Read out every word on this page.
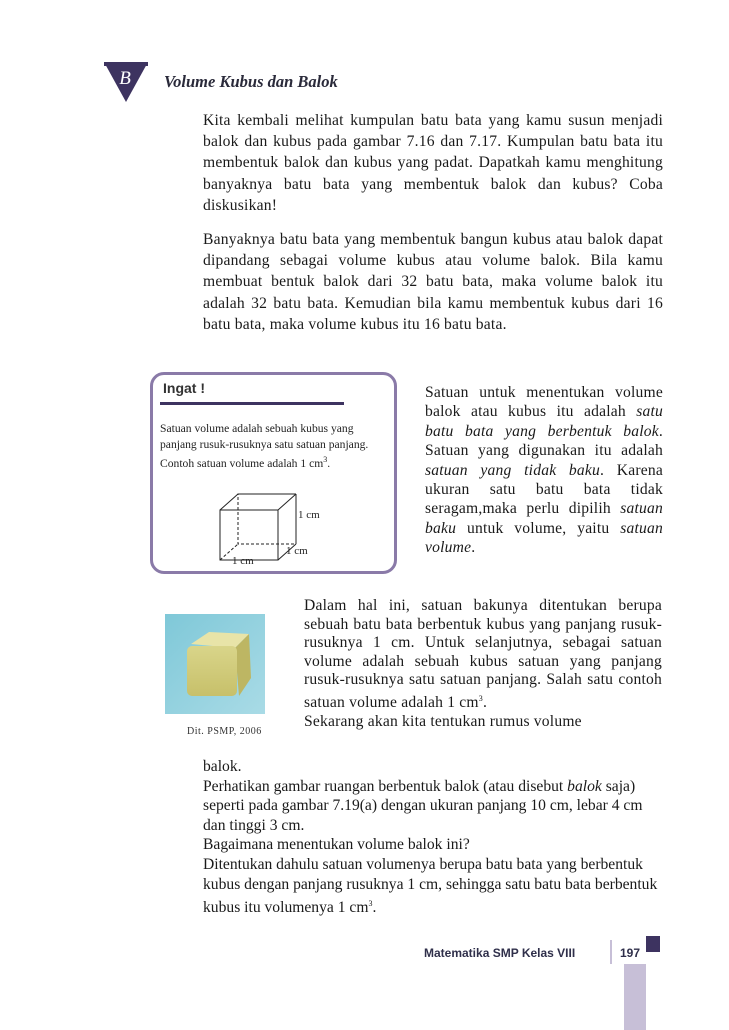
B Volume Kubus dan Balok
Kita kembali melihat kumpulan batu bata yang kamu susun menjadi balok dan kubus pada gambar 7.16 dan 7.17. Kumpulan batu bata itu membentuk balok dan kubus yang padat. Dapatkah kamu menghitung banyaknya batu bata yang membentuk balok dan kubus? Coba diskusikan!
Banyaknya batu bata yang membentuk bangun kubus atau balok dapat dipandang sebagai volume kubus atau volume balok. Bila kamu membuat bentuk balok dari 32 batu bata, maka volume balok itu adalah 32 batu bata. Kemudian bila kamu membentuk kubus dari 16 batu bata, maka volume kubus itu 16 batu bata.
Ingat !
Satuan volume adalah sebuah kubus yang panjang rusuk-rusuknya satu satuan panjang. Contoh satuan volume adalah 1 $cm^3$.
1 cm
1 cm
1 cm
Satuan untuk menentukan volume balok atau kubus itu adalah satu batu bata yang berbentuk balok. Satuan yang digunakan itu adalah satuan yang tidak baku. Karena ukuran satu batu bata tidak seragam,maka perlu dipilih satuan baku untuk volume, yaitu satuan volume.
Dit. PSMP, 2006
Dalam hal ini, satuan bakunya ditentukan berupa sebuah batu bata berbentuk kubus yang panjang rusuk-rusuknya 1 cm. Untuk selanjutnya, sebagai satuan volume adalah sebuah kubus satuan yang panjang rusuk-rusuknya satu satuan panjang. Salah satu contoh satuan volume adalah 1 $cm^3$.
Sekarang akan kita tentukan rumus volume
balok.
Perhatikan gambar ruangan berbentuk balok (atau disebut balok saja) seperti pada gambar 7.19(a) dengan ukuran panjang 10 cm, lebar 4 cm dan tinggi 3 cm.
Bagaimana menentukan volume balok ini?
Ditentukan dahulu satuan volumenya berupa batu bata yang berbentuk kubus dengan panjang rusuknya 1 cm, sehingga satu batu bata berbentuk kubus itu volumenya 1 $cm^3$.
Matematika SMP Kelas VIII	197
